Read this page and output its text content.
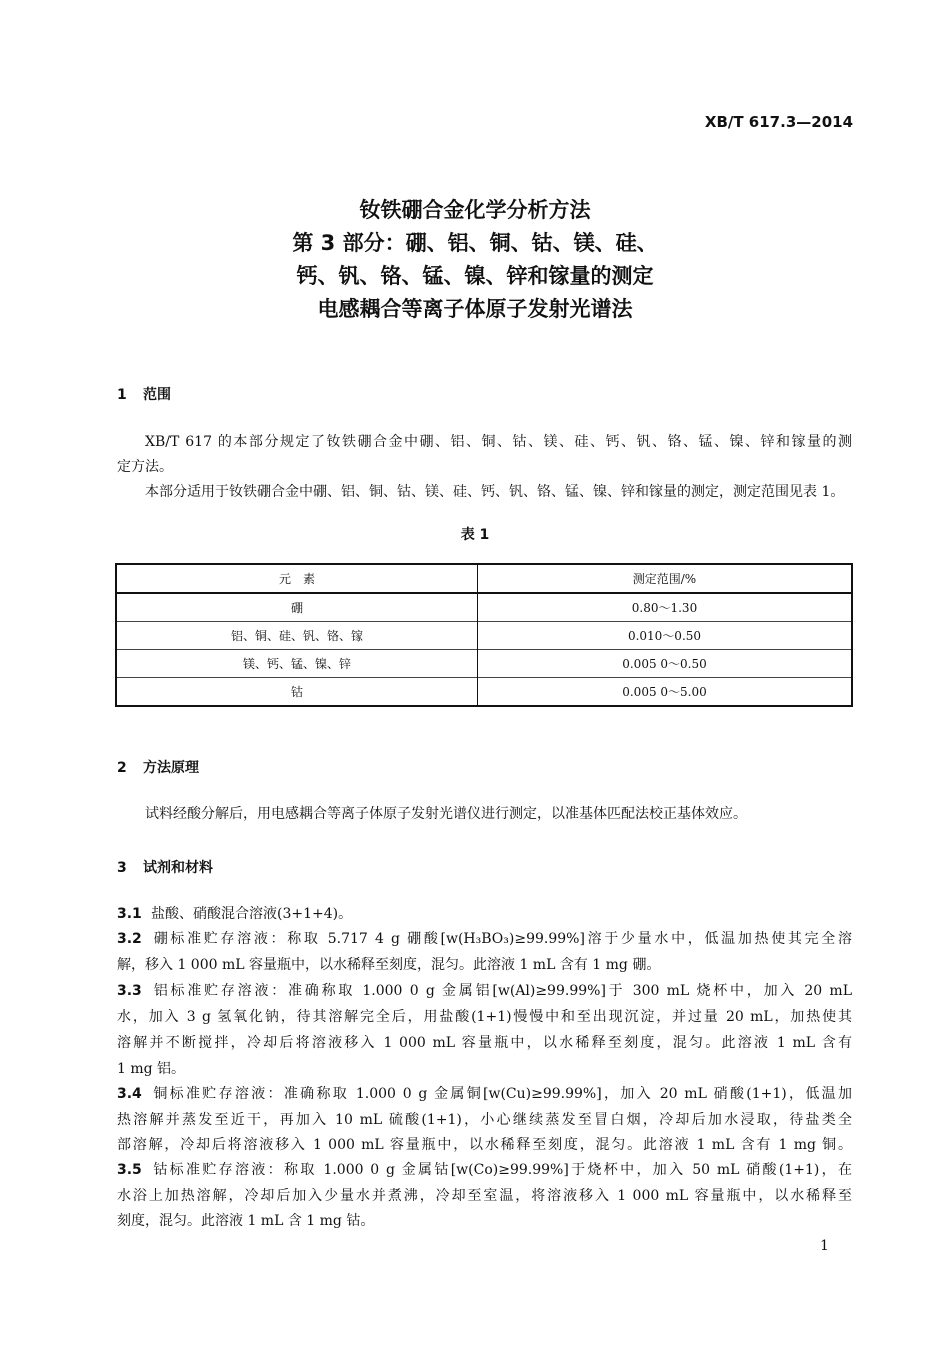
XB/T 617.3—2014
钕铁硼合金化学分析方法
第 3 部分：硼、铝、铜、钴、镁、硅、
钙、钒、铬、锰、镍、锌和镓量的测定
电感耦合等离子体原子发射光谱法
1 范围
XB/T 617 的本部分规定了钕铁硼合金中硼、铝、铜、钴、镁、硅、钙、钒、铬、锰、镍、锌和镓量的测
定方法。
本部分适用于钕铁硼合金中硼、铝、铜、钴、镁、硅、钙、钒、铬、锰、镍、锌和镓量的测定，测定范围见表 1。
表 1
元　素	测定范围/%
硼	0.80～1.30
铝、铜、硅、钒、铬、镓	0.010～0.50
镁、钙、锰、镍、锌	0.005 0～0.50
钴	0.005 0～5.00
2 方法原理
试料经酸分解后，用电感耦合等离子体原子发射光谱仪进行测定，以准基体匹配法校正基体效应。
3 试剂和材料
3.1 盐酸、硝酸混合溶液(3+1+4)。
3.2 硼标准贮存溶液：称取 5.717 4 g 硼酸[w(H₃BO₃)≥99.99%]溶于少量水中，低温加热使其完全溶
解，移入 1 000 mL 容量瓶中，以水稀释至刻度，混匀。此溶液 1 mL 含有 1 mg 硼。
3.3 铝标准贮存溶液：准确称取 1.000 0 g 金属铝[w(Al)≥99.99%]于 300 mL 烧杯中，加入 20 mL
水，加入 3 g 氢氧化钠，待其溶解完全后，用盐酸(1+1)慢慢中和至出现沉淀，并过量 20 mL，加热使其
溶解并不断搅拌，冷却后将溶液移入 1 000 mL 容量瓶中，以水稀释至刻度，混匀。此溶液 1 mL 含有
1 mg 铝。
3.4 铜标准贮存溶液：准确称取 1.000 0 g 金属铜[w(Cu)≥99.99%]，加入 20 mL 硝酸(1+1)，低温加
热溶解并蒸发至近干，再加入 10 mL 硫酸(1+1)，小心继续蒸发至冒白烟，冷却后加水浸取，待盐类全
部溶解，冷却后将溶液移入 1 000 mL 容量瓶中，以水稀释至刻度，混匀。此溶液 1 mL 含有 1 mg 铜。
3.5 钴标准贮存溶液：称取 1.000 0 g 金属钴[w(Co)≥99.99%]于烧杯中，加入 50 mL 硝酸(1+1)，在
水浴上加热溶解，冷却后加入少量水并煮沸，冷却至室温，将溶液移入 1 000 mL 容量瓶中，以水稀释至
刻度，混匀。此溶液 1 mL 含 1 mg 钴。
1
